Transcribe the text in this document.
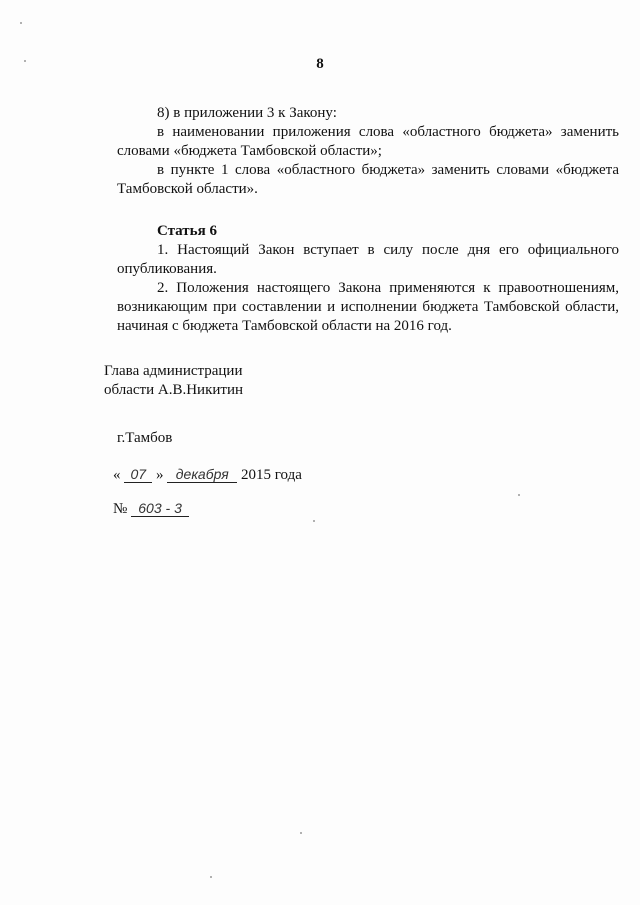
8

8) в приложении 3 к Закону:

в наименовании приложения слова «областного бюджета» заменить словами «бюджета Тамбовской области»;

в пункте 1 слова «областного бюджета» заменить словами «бюджета Тамбовской области».

Статья 6

1. Настоящий Закон вступает в силу после дня его официального опубликования.

2. Положения настоящего Закона применяются к правоотношениям, возникающим при составлении и исполнении бюджета Тамбовской области, начиная с бюджета Тамбовской области на 2016 год.

Глава администрации
области А.В.Никитин
г.Тамбов
« 07 » декабря 2015 года
№ 603 - 3
